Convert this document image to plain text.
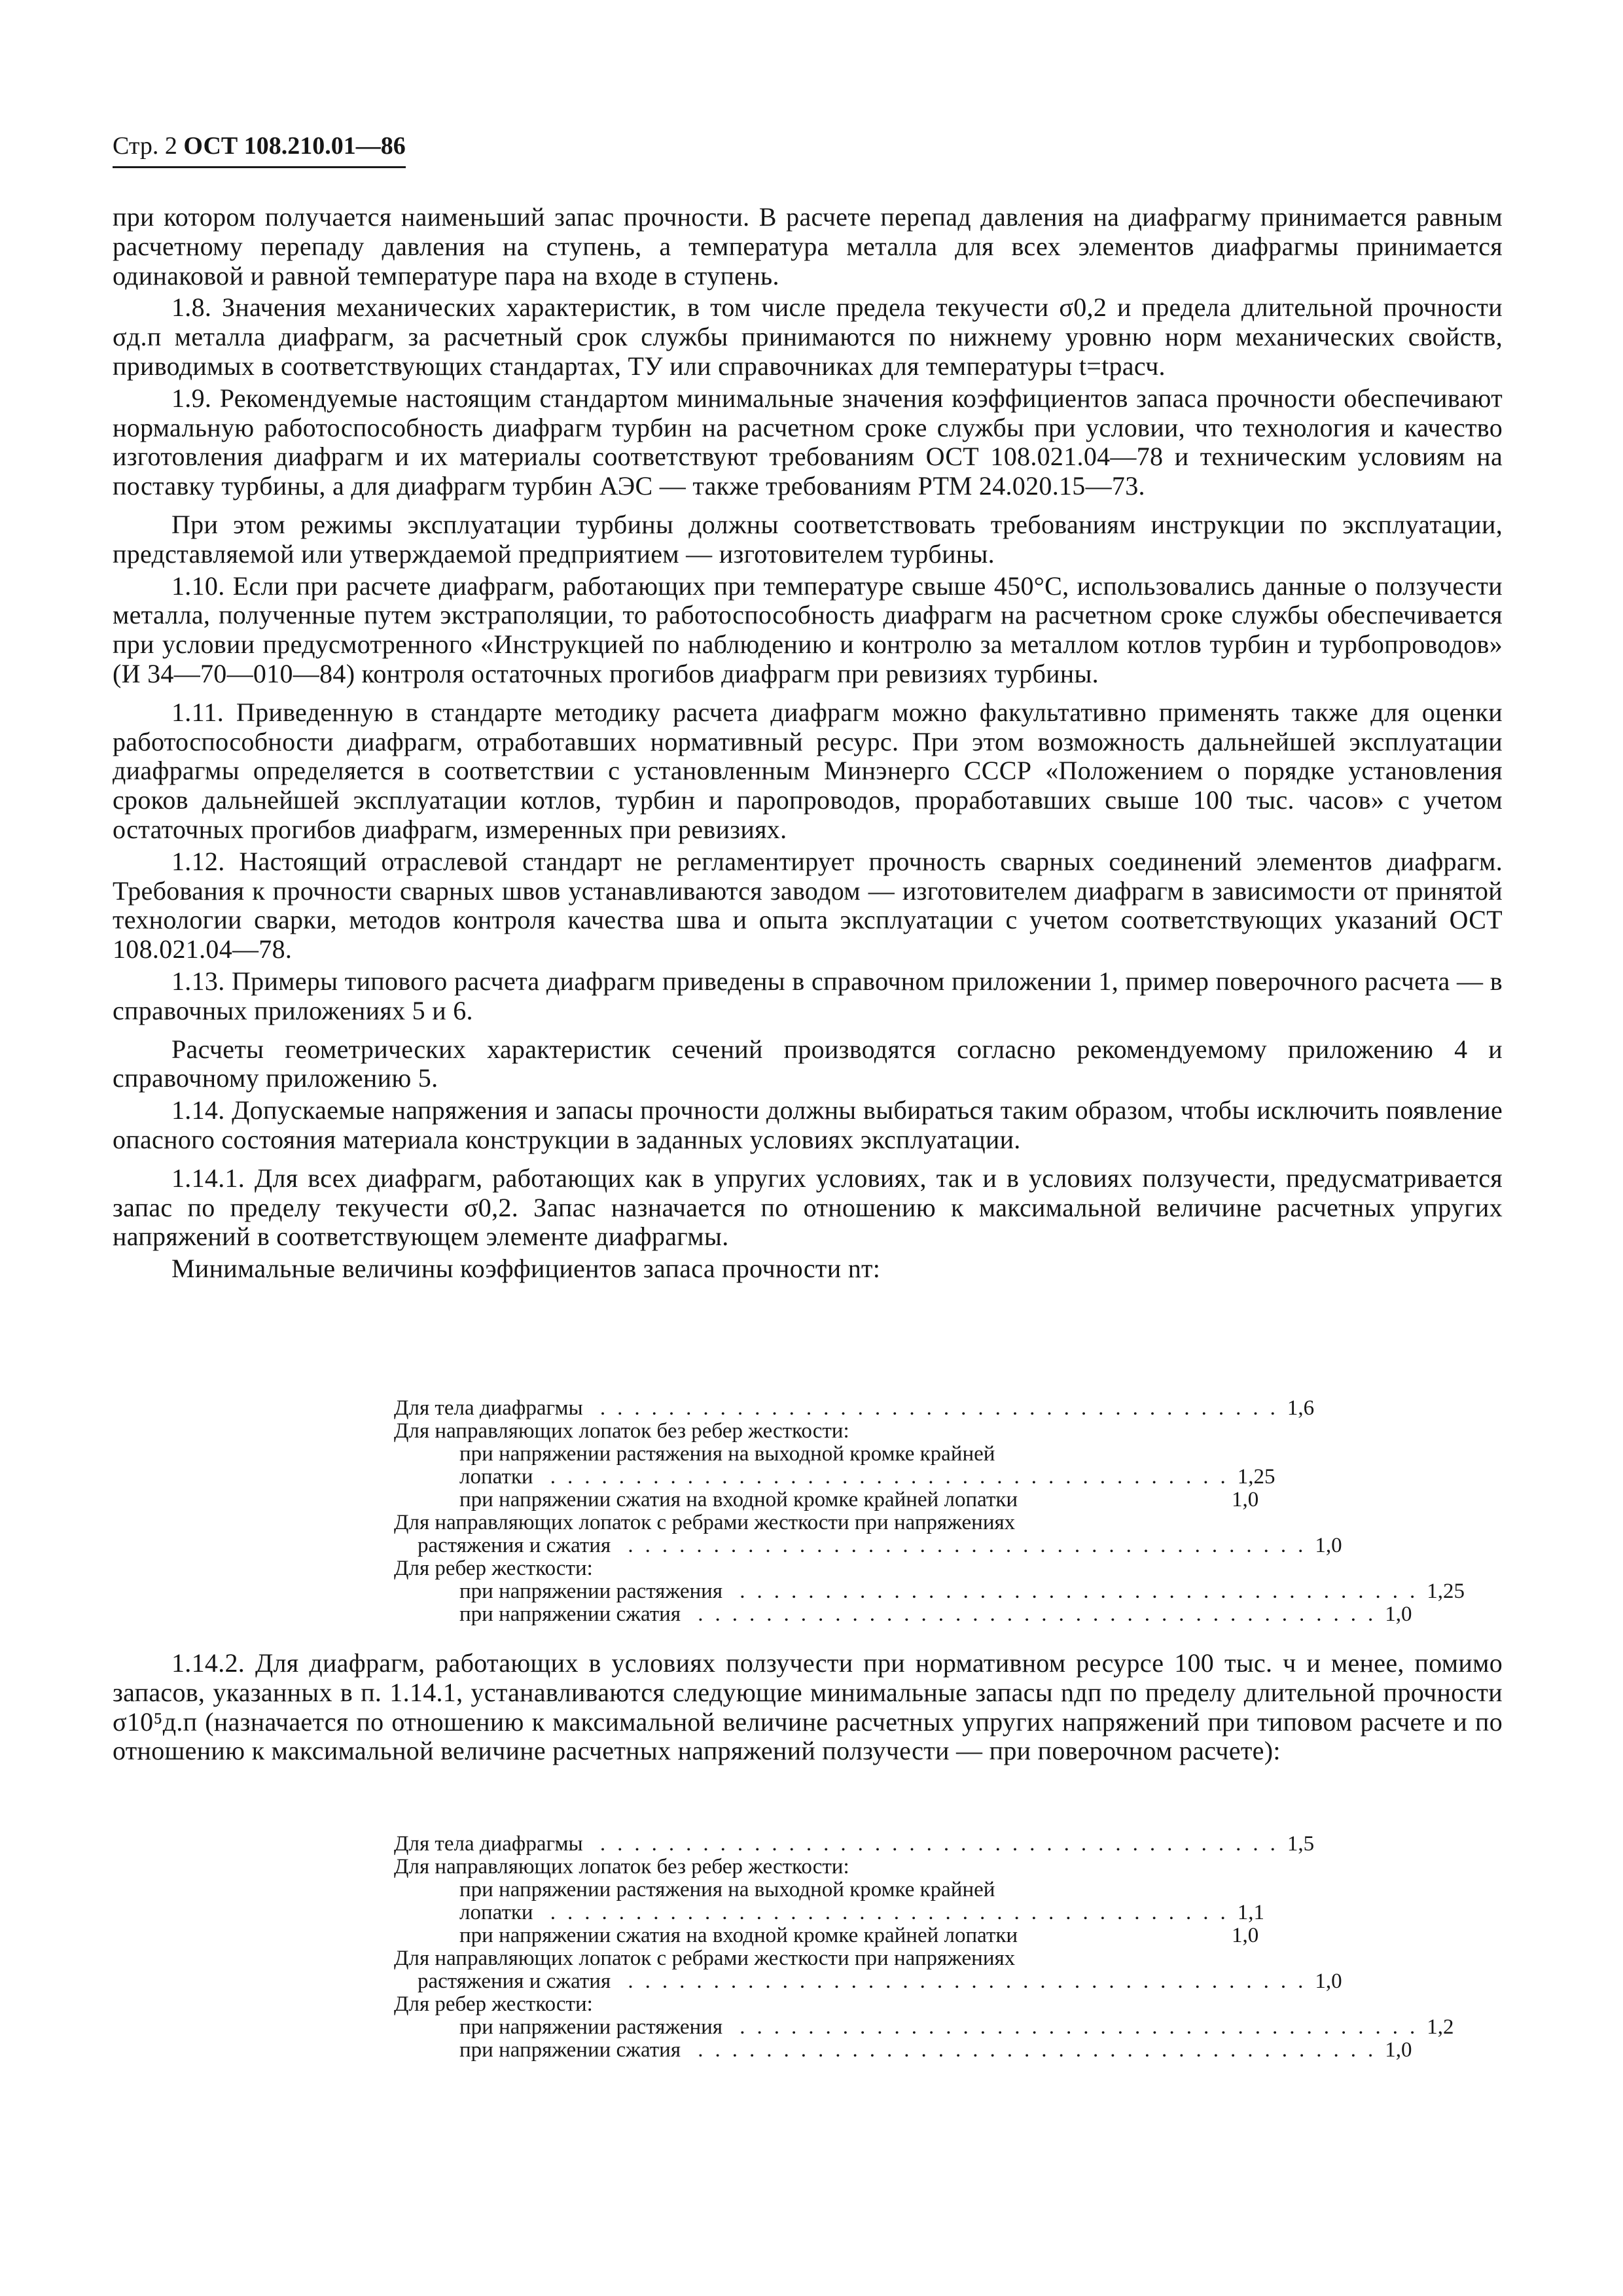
Стр. 2 ОСТ 108.210.01—86

при котором получается наименьший запас прочности. В расчете перепад давления на диафрагму принимается равным расчетному перепаду давления на ступень, а температура металла для всех элементов диафрагмы принимается одинаковой и равной температуре пара на входе в ступень.

1.8. Значения механических характеристик, в том числе предела текучести σ0,2 и предела длительной прочности σд.п металла диафрагм, за расчетный срок службы принимаются по нижнему уровню норм механических свойств, приводимых в соответствующих стандартах, ТУ или справочниках для температуры t=tрасч.

1.9. Рекомендуемые настоящим стандартом минимальные значения коэффициентов запаса прочности обеспечивают нормальную работоспособность диафрагм турбин на расчетном сроке службы при условии, что технология и качество изготовления диафрагм и их материалы соответствуют требованиям ОСТ 108.021.04—78 и техническим условиям на поставку турбины, а для диафрагм турбин АЭС — также требованиям РТМ 24.020.15—73.

При этом режимы эксплуатации турбины должны соответствовать требованиям инструкции по эксплуатации, представляемой или утверждаемой предприятием — изготовителем турбины.

1.10. Если при расчете диафрагм, работающих при температуре свыше 450°С, использовались данные о ползучести металла, полученные путем экстраполяции, то работоспособность диафрагм на расчетном сроке службы обеспечивается при условии предусмотренного «Инструкцией по наблюдению и контролю за металлом котлов турбин и турбопроводов» (И 34—70—010—84) контроля остаточных прогибов диафрагм при ревизиях турбины.

1.11. Приведенную в стандарте методику расчета диафрагм можно факультативно применять также для оценки работоспособности диафрагм, отработавших нормативный ресурс. При этом возможность дальнейшей эксплуатации диафрагмы определяется в соответствии с установленным Минэнерго СССР «Положением о порядке установления сроков дальнейшей эксплуатации котлов, турбин и паропроводов, проработавших свыше 100 тыс. часов» с учетом остаточных прогибов диафрагм, измеренных при ревизиях.

1.12. Настоящий отраслевой стандарт не регламентирует прочность сварных соединений элементов диафрагм. Требования к прочности сварных швов устанавливаются заводом — изготовителем диафрагм в зависимости от принятой технологии сварки, методов контроля качества шва и опыта эксплуатации с учетом соответствующих указаний ОСТ 108.021.04—78.

1.13. Примеры типового расчета диафрагм приведены в справочном приложении 1, пример поверочного расчета — в справочных приложениях 5 и 6.

Расчеты геометрических характеристик сечений производятся согласно рекомендуемому приложению 4 и справочному приложению 5.

1.14. Допускаемые напряжения и запасы прочности должны выбираться таким образом, чтобы исключить появление опасного состояния материала конструкции в заданных условиях эксплуатации.

1.14.1. Для всех диафрагм, работающих как в упругих условиях, так и в условиях ползучести, предусматривается запас по пределу текучести σ0,2. Запас назначается по отношению к максимальной величине расчетных упругих напряжений в соответствующем элементе диафрагмы.

Минимальные величины коэффициентов запаса прочности nт:

Для тела диафрагмы ........................................ 1,6
Для направляющих лопаток без ребер жесткости:
при напряжении растяжения на выходной кромке крайней
лопатки ........................................ 1,25
при напряжении сжатия на входной кромке крайней лопатки	1,0
Для направляющих лопаток с ребрами жесткости при напряжениях
растяжения и сжатия ........................................ 1,0
Для ребер жесткости:
при напряжении растяжения ........................................ 1,25
при напряжении сжатия ........................................ 1,0

1.14.2. Для диафрагм, работающих в условиях ползучести при нормативном ресурсе 100 тыс. ч и менее, помимо запасов, указанных в п. 1.14.1, устанавливаются следующие минимальные запасы nдп по пределу длительной прочности σ10⁵д.п (назначается по отношению к максимальной величине расчетных упругих напряжений при типовом расчете и по отношению к максимальной величине расчетных напряжений ползучести — при поверочном расчете):

Для тела диафрагмы ........................................ 1,5
Для направляющих лопаток без ребер жесткости:
при напряжении растяжения на выходной кромке крайней
лопатки ........................................ 1,1
при напряжении сжатия на входной кромке крайней лопатки	1,0
Для направляющих лопаток с ребрами жесткости при напряжениях
растяжения и сжатия ........................................ 1,0
Для ребер жесткости:
при напряжении растяжения ........................................ 1,2
при напряжении сжатия ........................................ 1,0
